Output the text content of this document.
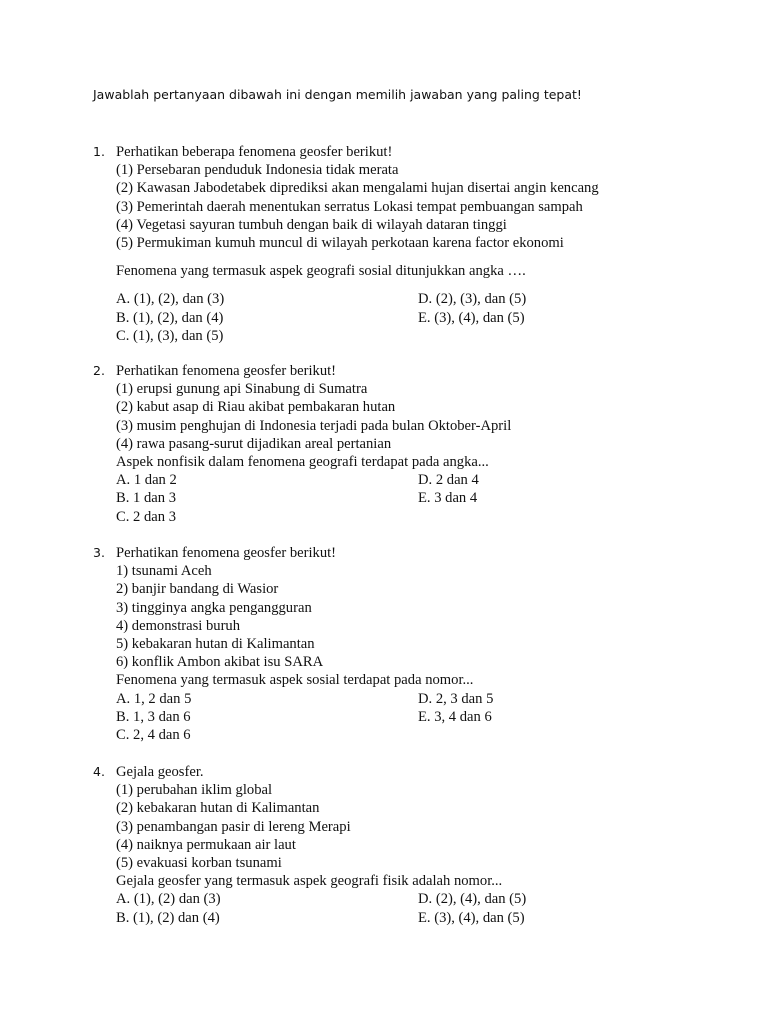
Jawablah pertanyaan dibawah ini dengan memilih jawaban yang paling tepat!

1. Perhatikan beberapa fenomena geosfer berikut!
(1) Persebaran penduduk Indonesia tidak merata
(2) Kawasan Jabodetabek diprediksi akan mengalami hujan disertai angin kencang
(3) Pemerintah daerah menentukan serratus Lokasi tempat pembuangan sampah
(4) Vegetasi sayuran tumbuh dengan baik di wilayah dataran tinggi
(5) Permukiman kumuh muncul di wilayah perkotaan karena factor ekonomi
Fenomena yang termasuk aspek geografi sosial ditunjukkan angka ….
A. (1), (2), dan (3)	D. (2), (3), dan (5)
B. (1), (2), dan (4)	E. (3), (4), dan (5)
C. (1), (3), dan (5)
2. Perhatikan fenomena geosfer berikut!
(1) erupsi gunung api Sinabung di Sumatra
(2) kabut asap di Riau akibat pembakaran hutan
(3) musim penghujan di Indonesia terjadi pada bulan Oktober-April
(4) rawa pasang-surut dijadikan areal pertanian
Aspek nonfisik dalam fenomena geografi terdapat pada angka...
A. 1 dan 2	D. 2 dan 4
B. 1 dan 3	E. 3 dan 4
C. 2 dan 3
3. Perhatikan fenomena geosfer berikut!
1) tsunami Aceh
2) banjir bandang di Wasior
3) tingginya angka pengangguran
4) demonstrasi buruh
5) kebakaran hutan di Kalimantan
6) konflik Ambon akibat isu SARA
Fenomena yang termasuk aspek sosial terdapat pada nomor...
A. 1, 2 dan 5	D. 2, 3 dan 5
B. 1, 3 dan 6	E. 3, 4 dan 6
C. 2, 4 dan 6
4. Gejala geosfer.
(1) perubahan iklim global
(2) kebakaran hutan di Kalimantan
(3) penambangan pasir di lereng Merapi
(4) naiknya permukaan air laut
(5) evakuasi korban tsunami
Gejala geosfer yang termasuk aspek geografi fisik adalah nomor...
A. (1), (2) dan (3)	D. (2), (4), dan (5)
B. (1), (2) dan (4)	E. (3), (4), dan (5)
